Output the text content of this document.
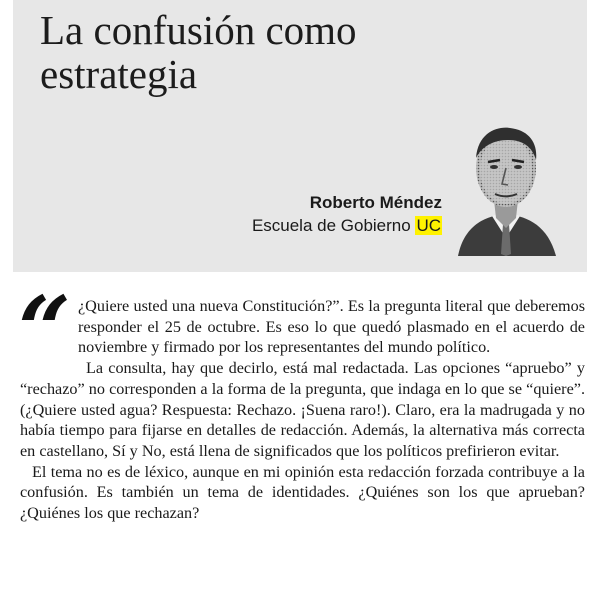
La confusión como
estrategia
Roberto Méndez
Escuela de Gobierno UC
“ ¿Quiere usted una nueva Constitución?”. Es la pregunta literal que deberemos responder el 25 de octubre. Es eso lo que quedó plasmado en el acuerdo de noviembre y firmado por los representantes del mundo político.

La consulta, hay que decirlo, está mal redactada. Las opciones “apruebo” y “rechazo” no corresponden a la forma de la pregunta, que indaga en lo que se “quiere”. (¿Quiere usted agua? Respuesta: Rechazo. ¡Suena raro!). Claro, era la madrugada y no había tiempo para fijarse en detalles de redacción. Además, la alternativa más correcta en castellano, Sí y No, está llena de significados que los políticos prefirieron evitar.

El tema no es de léxico, aunque en mi opinión esta redacción forzada contribuye a la confusión. Es también un tema de identidades. ¿Quiénes son los que aprueban? ¿Quiénes los que rechazan?
